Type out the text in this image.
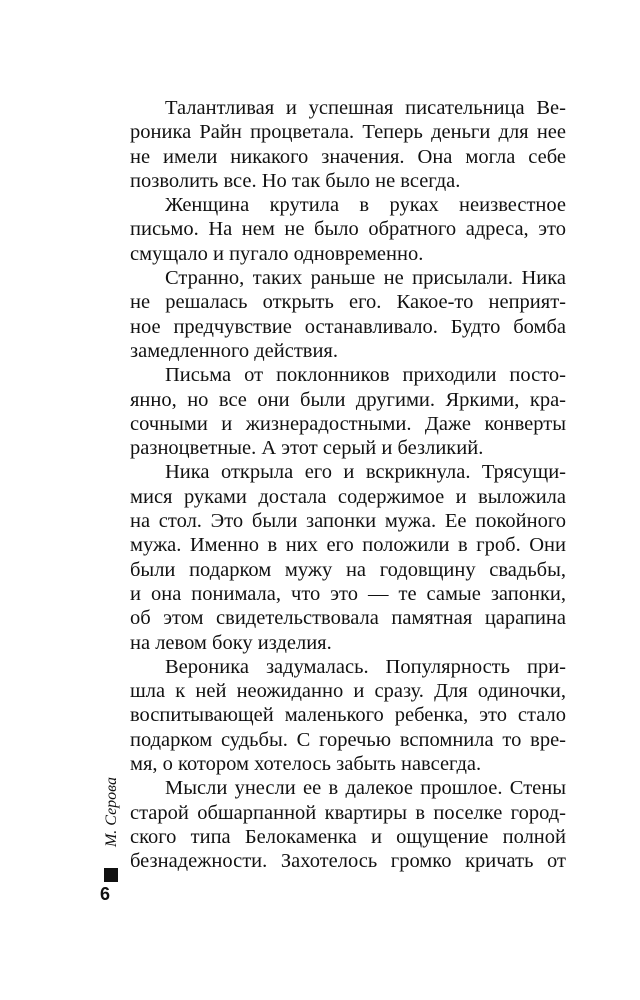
Талантливая и успешная писательница Ве-
роника Райн процветала. Теперь деньги для нее
не имели никакого значения. Она могла себе
позволить все. Но так было не всегда.
Женщина крутила в руках неизвестное
письмо. На нем не было обратного адреса, это
смущало и пугало одновременно.
Странно, таких раньше не присылали. Ника
не решалась открыть его. Какое-то неприят-
ное предчувствие останавливало. Будто бомба
замедленного действия.
Письма от поклонников приходили посто-
янно, но все они были другими. Яркими, кра-
сочными и жизнерадостными. Даже конверты
разноцветные. А этот серый и безликий.
Ника открыла его и вскрикнула. Трясущи-
мися руками достала содержимое и выложила
на стол. Это были запонки мужа. Ее покойного
мужа. Именно в них его положили в гроб. Они
были подарком мужу на годовщину свадьбы,
и она понимала, что это — те самые запонки,
об этом свидетельствовала памятная царапина
на левом боку изделия.
Вероника задумалась. Популярность при-
шла к ней неожиданно и сразу. Для одиночки,
воспитывающей маленького ребенка, это стало
подарком судьбы. С горечью вспомнила то вре-
мя, о котором хотелось забыть навсегда.
Мысли унесли ее в далекое прошлое. Стены
старой обшарпанной квартиры в поселке город-
ского типа Белокаменка и ощущение полной
безнадежности. Захотелось громко кричать от
М. Серова
6
